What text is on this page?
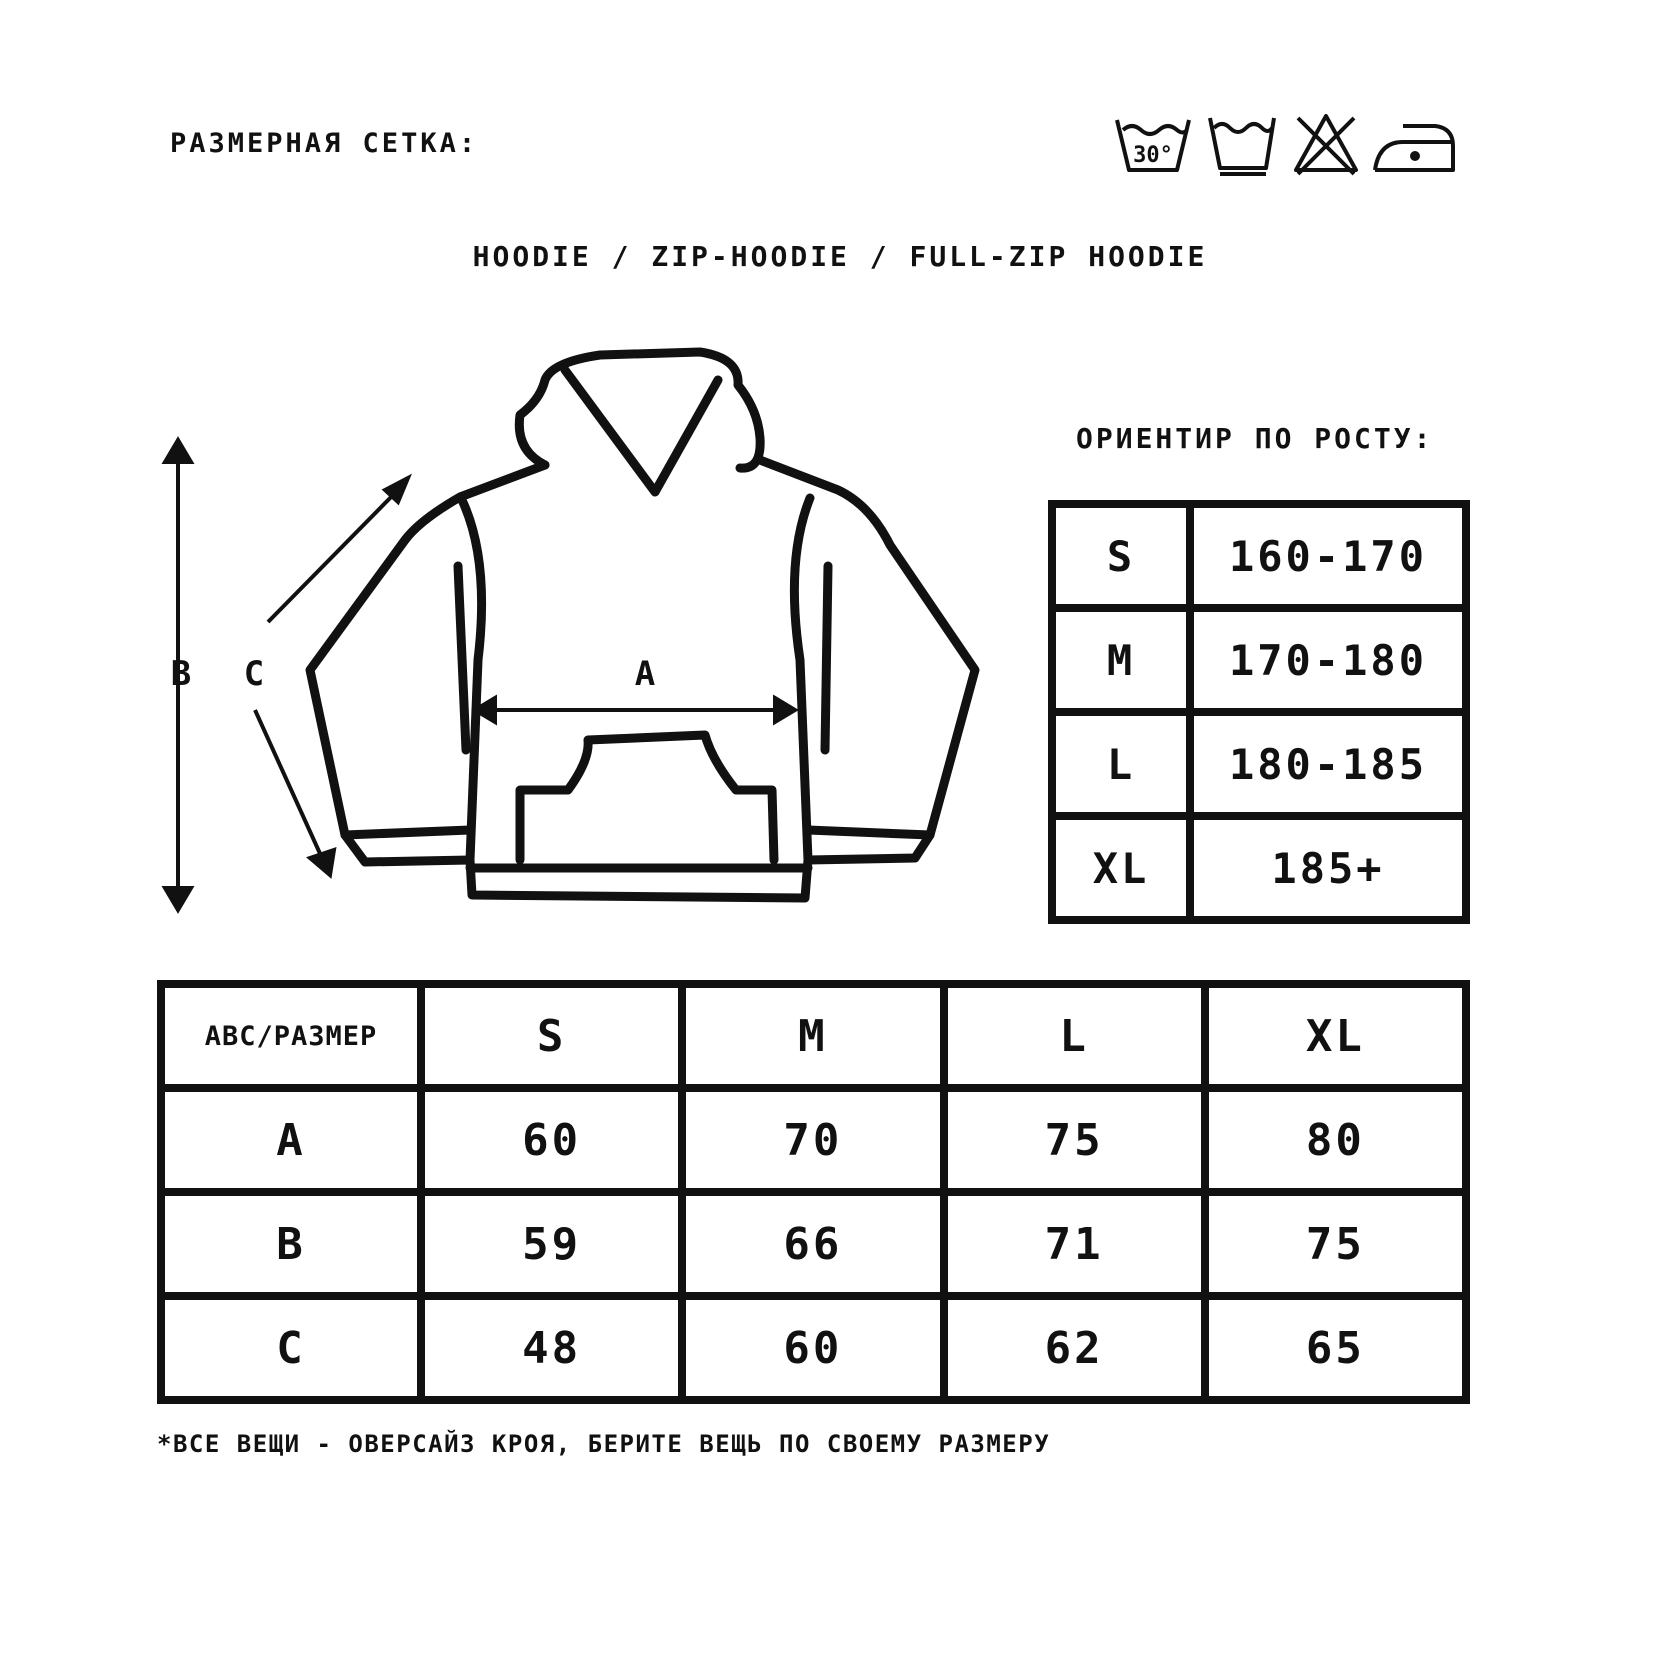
РАЗМЕРНАЯ СЕТКА:	30°
HOODIE / ZIP-HOODIE / FULL-ZIP HOODIE
B C	A
ОРИЕНТИР ПО РОСТУ:
S	160-170
M	170-180
L	180-185
XL	185+
ABC/РАЗМЕР	S	M	L	XL
A	60	70	75	80
B	59	66	71	75
C	48	60	62	65
*ВСЕ ВЕЩИ - ОВЕРСАЙЗ КРОЯ, БЕРИТЕ ВЕЩЬ ПО СВОЕМУ РАЗМЕРУ
